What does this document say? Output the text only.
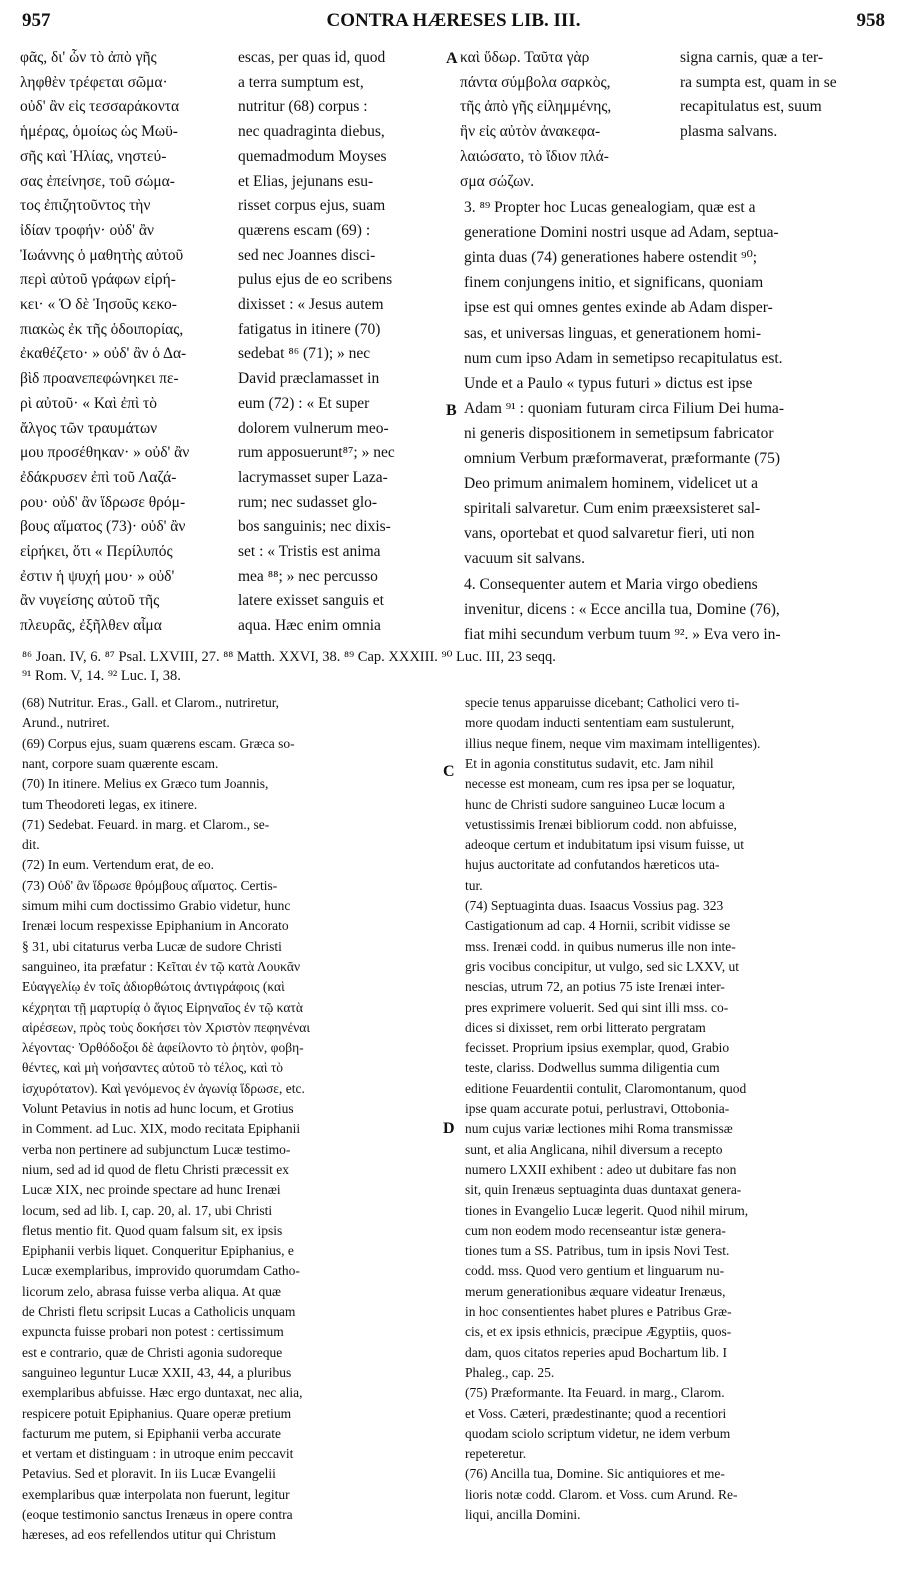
957	CONTRA HÆRESES LIB. III.	958
A
B
C
D
φᾶς, δι' ὧν τὸ ἀπὸ γῆς
ληφθὲν τρέφεται σῶμα·
οὐδ' ἂν εἰς τεσσαράκοντα
ἡμέρας, ὁμοίως ὡς Μωϋ-
σῆς καὶ Ἡλίας, νηστεύ-
σας ἐπείνησε, τοῦ σώμα-
τος ἐπιζητοῦντος τὴν
ἰδίαν τροφήν· οὐδ' ἂν
Ἰωάννης ὁ μαθητὴς αὐτοῦ
περὶ αὐτοῦ γράφων εἰρή-
κει· « Ὁ δὲ Ἰησοῦς κεκο-
πιακὼς ἐκ τῆς ὁδοιπορίας,
ἐκαθέζετο· » οὐδ' ἂν ὁ Δα-
βὶδ προανεπεφώνηκει πε-
ρὶ αὐτοῦ· « Καὶ ἐπὶ τὸ
ἄλγος τῶν τραυμάτων
μου προσέθηκαν· » οὐδ' ἂν
ἐδάκρυσεν ἐπὶ τοῦ Λαζά-
ρου· οὐδ' ἂν ἵδρωσε θρόμ-
βους αἵματος (73)· οὐδ' ἂν
εἰρήκει, ὅτι « Περίλυπός
ἐστιν ἡ ψυχή μου· » οὐδ'
ἂν νυγείσης αὐτοῦ τῆς
πλευρᾶς, ἐξῆλθεν αἷμα
escas, per quas id, quod
a terra sumptum est,
nutritur (68) corpus :
nec quadraginta diebus,
quemadmodum Moyses
et Elias, jejunans esu-
risset corpus ejus, suam
quærens escam (69) :
sed nec Joannes disci-
pulus ejus de eo scribens
dixisset : « Jesus autem
fatigatus in itinere (70)
sedebat ⁸⁶ (71); » nec
David præclamasset in
eum (72) : « Et super
dolorem vulnerum meo-
rum apposuerunt⁸⁷; » nec
lacrymasset super Laza-
rum; nec sudasset glo-
bos sanguinis; nec dixis-
set : « Tristis est anima
mea ⁸⁸; » nec percusso
latere exisset sanguis et
aqua. Hæc enim omnia
καὶ ὕδωρ. Ταῦτα γὰρ
πάντα σύμβολα σαρκὸς,
τῆς ἀπὸ γῆς εἰλημμένης,
ἣν εἰς αὐτὸν ἀνακεφα-
λαιώσατο, τὸ ἴδιον πλά-
σμα σώζων.
signa carnis, quæ a ter-
ra sumpta est, quam in se
recapitulatus est, suum
plasma salvans.
3. ⁸⁹ Propter hoc Lucas genealogiam, quæ est a
generatione Domini nostri usque ad Adam, septua-
ginta duas (74) generationes habere ostendit ⁹⁰;
finem conjungens initio, et significans, quoniam
ipse est qui omnes gentes exinde ab Adam disper-
sas, et universas linguas, et generationem homi-
num cum ipso Adam in semetipso recapitulatus est.
Unde et a Paulo « typus futuri » dictus est ipse
Adam ⁹¹ : quoniam futuram circa Filium Dei huma-
ni generis dispositionem in semetipsum fabricator
omnium Verbum præformaverat, præformante (75)
Deo primum animalem hominem, videlicet ut a
spiritali salvaretur. Cum enim præexsisteret sal-
vans, oportebat et quod salvaretur fieri, uti non
vacuum sit salvans.
4. Consequenter autem et Maria virgo obediens
invenitur, dicens : « Ecce ancilla tua, Domine (76),
fiat mihi secundum verbum tuum ⁹². » Eva vero in-
⁸⁶ Joan. IV, 6. ⁸⁷ Psal. LXVIII, 27. ⁸⁸ Matth. XXVI, 38. ⁸⁹ Cap. XXXIII. ⁹⁰ Luc. III, 23 seqq.
⁹¹ Rom. V, 14. ⁹² Luc. I, 38.
(68) Nutritur. Eras., Gall. et Clarom., nutriretur,
Arund., nutriret.
(69) Corpus ejus, suam quærens escam. Græca so-
nant, corpore suam quærente escam.
(70) In itinere. Melius ex Græco tum Joannis,
tum Theodoreti legas, ex itinere.
(71) Sedebat. Feuard. in marg. et Clarom., se-
dit.
(72) In eum. Vertendum erat, de eo.
(73) Οὐδ' ἂν ἵδρωσε θρόμβους αἵματος. Certis-
simum mihi cum doctissimo Grabio videtur, hunc
Irenæi locum respexisse Epiphanium in Ancorato
§ 31, ubi citaturus verba Lucæ de sudore Christi
sanguineo, ita præfatur : Κεῖται ἐν τῷ κατὰ Λουκᾶν
Εὐαγγελίῳ ἐν τοῖς ἀδιορθώτοις ἀντιγράφοις (καὶ
κέχρηται τῇ μαρτυρίᾳ ὁ ἅγιος Εἰρηναῖος ἐν τῷ κατὰ
αἱρέσεων, πρὸς τοὺς δοκήσει τὸν Χριστὸν πεφηνέναι
λέγοντας· Ὀρθόδοξοι δὲ ἀφείλοντο τὸ ῥητὸν, φοβη-
θέντες, καὶ μὴ νοήσαντες αὐτοῦ τὸ τέλος, καὶ τὸ
ἰσχυρότατον). Καὶ γενόμενος ἐν ἀγωνίᾳ ἵδρωσε, etc.
Volunt Petavius in notis ad hunc locum, et Grotius
in Comment. ad Luc. XIX, modo recitata Epiphanii
verba non pertinere ad subjunctum Lucæ testimo-
nium, sed ad id quod de fletu Christi præcessit ex
Lucæ XIX, nec proinde spectare ad hunc Irenæi
locum, sed ad lib. I, cap. 20, al. 17, ubi Christi
fletus mentio fit. Quod quam falsum sit, ex ipsis
Epiphanii verbis liquet. Conqueritur Epiphanius, e
Lucæ exemplaribus, improvido quorumdam Catho-
licorum zelo, abrasa fuisse verba aliqua. At quæ
de Christi fletu scripsit Lucas a Catholicis unquam
expuncta fuisse probari non potest : certissimum
est e contrario, quæ de Christi agonia sudoreque
sanguineo leguntur Lucæ XXII, 43, 44, a pluribus
exemplaribus abfuisse. Hæc ergo duntaxat, nec alia,
respicere potuit Epiphanius. Quare operæ pretium
facturum me putem, si Epiphanii verba accurate
et vertam et distinguam : in utroque enim peccavit
Petavius. Sed et ploravit. In iis Lucæ Evangelii
exemplaribus quæ interpolata non fuerunt, legitur
(eoque testimonio sanctus Irenæus in opere contra
hæreses, ad eos refellendos utitur qui Christum
specie tenus apparuisse dicebant; Catholici vero ti-
more quodam inducti sententiam eam sustulerunt,
illius neque finem, neque vim maximam intelligentes).
Et in agonia constitutus sudavit, etc. Jam nihil
necesse est moneam, cum res ipsa per se loquatur,
hunc de Christi sudore sanguineo Lucæ locum a
vetustissimis Irenæi bibliorum codd. non abfuisse,
adeoque certum et indubitatum ipsi visum fuisse, ut
hujus auctoritate ad confutandos hæreticos uta-
tur.
(74) Septuaginta duas. Isaacus Vossius pag. 323
Castigationum ad cap. 4 Hornii, scribit vidisse se
mss. Irenæi codd. in quibus numerus ille non inte-
gris vocibus concipitur, ut vulgo, sed sic LXXV, ut
nescias, utrum 72, an potius 75 iste Irenæi inter-
pres exprimere voluerit. Sed qui sint illi mss. co-
dices si dixisset, rem orbi litterato pergratam
fecisset. Proprium ipsius exemplar, quod, Grabio
teste, clariss. Dodwellus summa diligentia cum
editione Feuardentii contulit, Claromontanum, quod
ipse quam accurate potui, perlustravi, Ottobonia-
num cujus variæ lectiones mihi Roma transmissæ
sunt, et alia Anglicana, nihil diversum a recepto
numero LXXII exhibent : adeo ut dubitare fas non
sit, quin Irenæus septuaginta duas duntaxat genera-
tiones in Evangelio Lucæ legerit. Quod nihil mirum,
cum non eodem modo recenseantur istæ genera-
tiones tum a SS. Patribus, tum in ipsis Novi Test.
codd. mss. Quod vero gentium et linguarum nu-
merum generationibus æquare videatur Irenæus,
in hoc consentientes habet plures e Patribus Græ-
cis, et ex ipsis ethnicis, præcipue Ægyptiis, quos-
dam, quos citatos reperies apud Bochartum lib. I
Phaleg., cap. 25.
(75) Præformante. Ita Feuard. in marg., Clarom.
et Voss. Cæteri, prædestinante; quod a recentiori
quodam sciolo scriptum videtur, ne idem verbum
repeteretur.
(76) Ancilla tua, Domine. Sic antiquiores et me-
lioris notæ codd. Clarom. et Voss. cum Arund. Re-
liqui, ancilla Domini.
